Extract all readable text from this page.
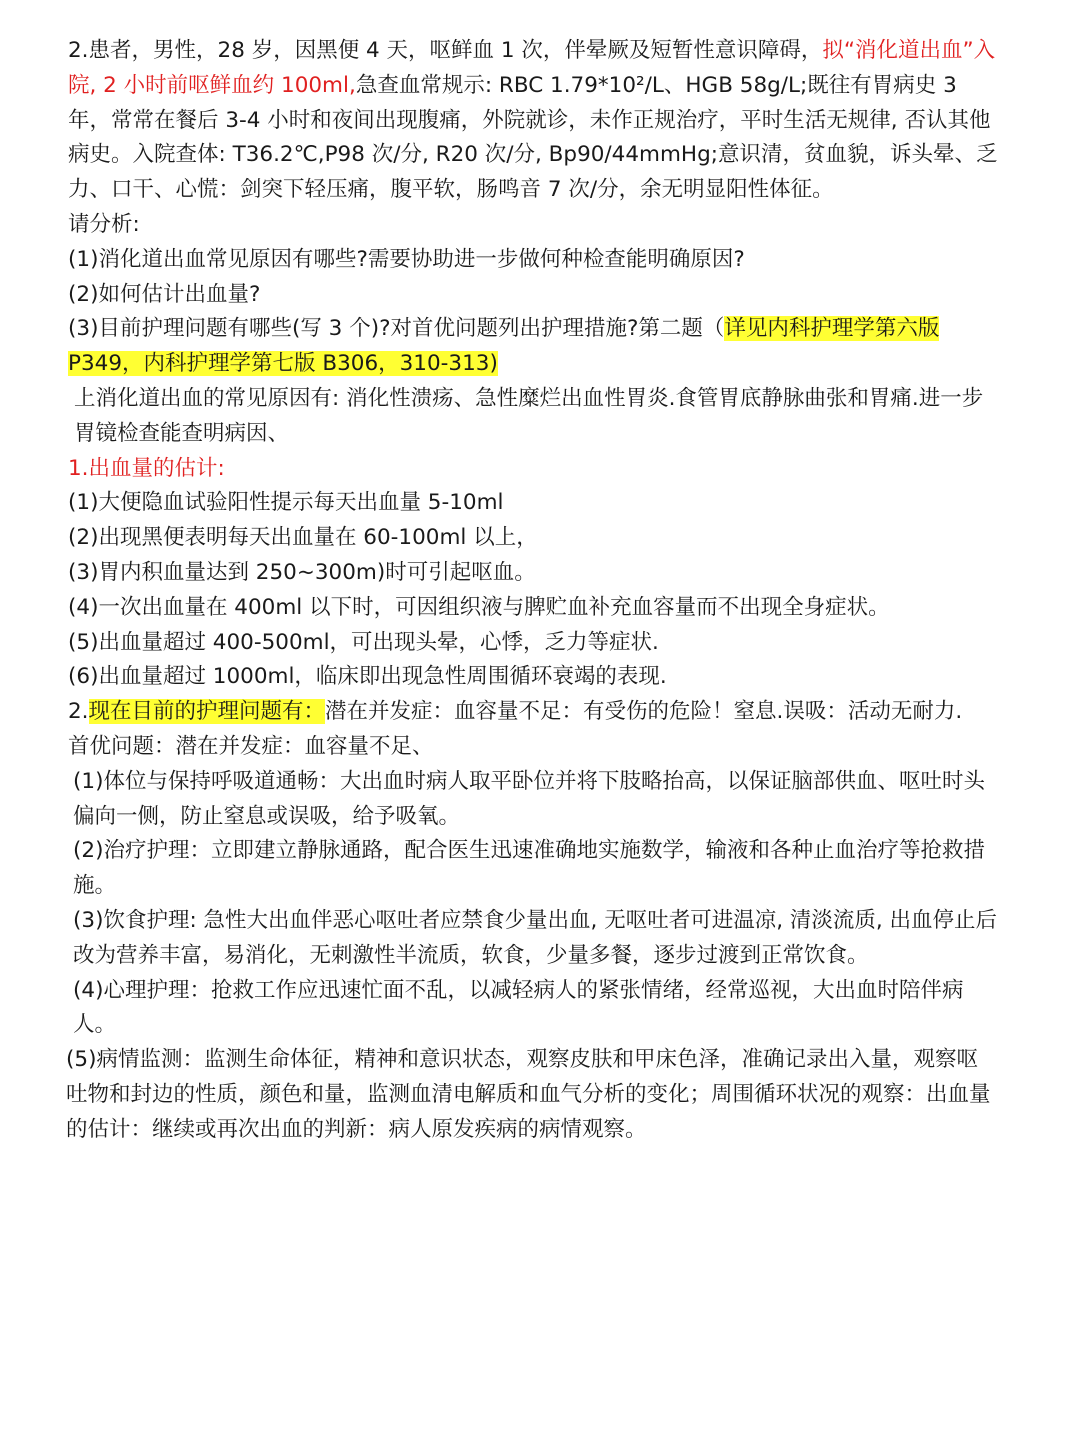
2.患者，男性，28 岁，因黑便 4 天，呕鲜血 1 次，伴晕厥及短暂性意识障碍，拟“消化道出血”入院, 2 小时前呕鲜血约 100ml,急查血常规示: RBC 1.79*10²/L、HGB 58g/L;既往有胃病史 3 年，常常在餐后 3-4 小时和夜间出现腹痛，外院就诊，未作正规治疗，平时生活无规律, 否认其他病史。入院查体: T36.2℃,P98 次/分, R20 次/分, Bp90/44mmHg;意识清，贫血貌，诉头晕、乏力、口干、心慌：剑突下轻压痛，腹平软，肠鸣音 7 次/分，余无明显阳性体征。

请分析:

(1)消化道出血常见原因有哪些?需要协助进一步做何种检查能明确原因?

(2)如何估计出血量?

(3)目前护理问题有哪些(写 3 个)?对首优问题列出护理措施?第二题（详见内科护理学第六版 P349，内科护理学第七版 B306，310-313)

上消化道出血的常见原因有: 消化性溃疡、急性糜烂出血性胃炎.食管胃底静脉曲张和胃痛.进一步胃镜检查能查明病因、

1.出血量的估计:

(1)大便隐血试验阳性提示每天出血量 5-10ml

(2)出现黑便表明每天出血量在 60-100ml 以上，

(3)胃内积血量达到 250~300m)时可引起呕血。

(4)一次出血量在 400ml 以下时，可因组织液与脾贮血补充血容量而不出现全身症状。

(5)出血量超过 400-500ml，可出现头晕，心悸，乏力等症状.

(6)出血量超过 1000ml，临床即出现急性周围循环衰竭的表现.

2.现在目前的护理问题有：潜在并发症：血容量不足：有受伤的危险！窒息.误吸：活动无耐力.

首优问题：潜在并发症：血容量不足、

(1)体位与保持呼吸道通畅：大出血时病人取平卧位并将下肢略抬高，以保证脑部供血、呕吐时头偏向一侧，防止窒息或误吸，给予吸氧。

(2)治疗护理：立即建立静脉通路，配合医生迅速准确地实施数学，输液和各种止血治疗等抢救措施。

(3)饮食护理: 急性大出血伴恶心呕吐者应禁食少量出血, 无呕吐者可进温凉, 清淡流质, 出血停止后改为营养丰富，易消化，无刺激性半流质，软食，少量多餐，逐步过渡到正常饮食。

(4)心理护理：抢救工作应迅速忙面不乱，以减轻病人的紧张情绪，经常巡视，大出血时陪伴病人。

(5)病情监测：监测生命体征，精神和意识状态，观察皮肤和甲床色泽，准确记录出入量，观察呕吐物和封边的性质，颜色和量，监测血清电解质和血气分析的变化；周围循环状况的观察：出血量的估计：继续或再次出血的判新：病人原发疾病的病情观察。
